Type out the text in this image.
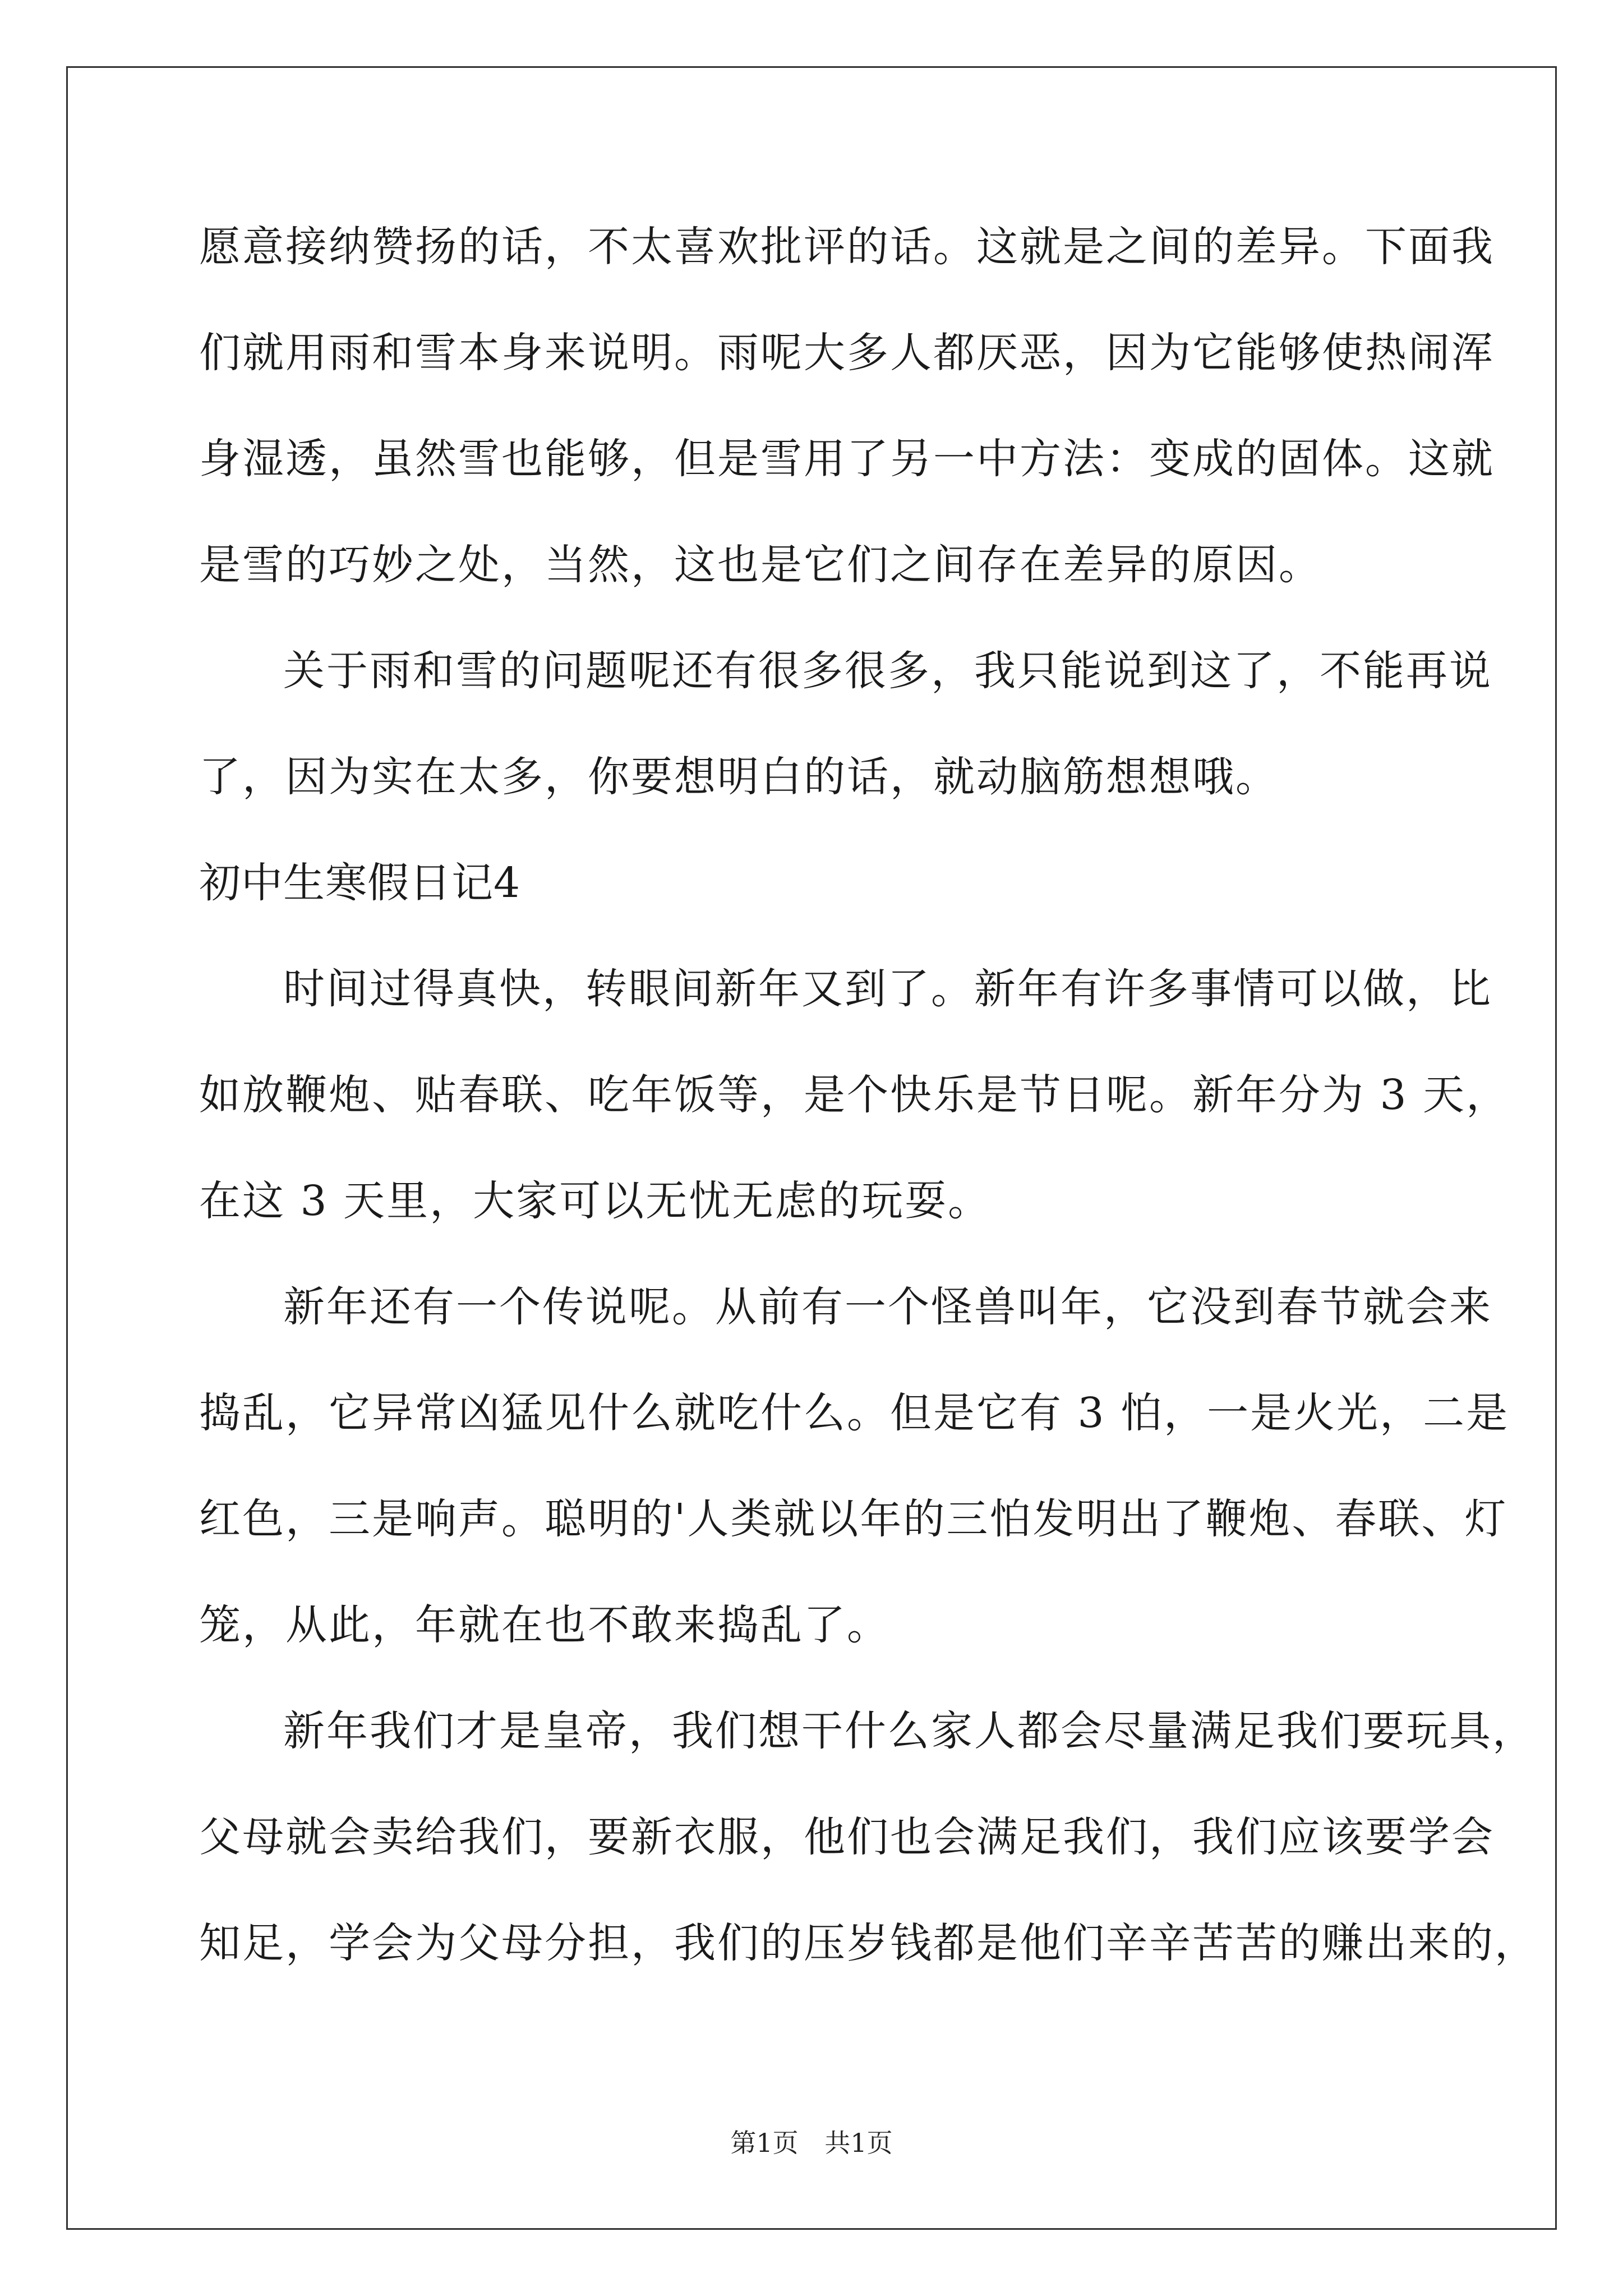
愿意接纳赞扬的话，不太喜欢批评的话。这就是之间的差异。下面我
们就用雨和雪本身来说明。雨呢大多人都厌恶，因为它能够使热闹浑
身湿透，虽然雪也能够，但是雪用了另一中方法：变成的固体。这就
是雪的巧妙之处，当然，这也是它们之间存在差异的原因。
关于雨和雪的问题呢还有很多很多，我只能说到这了，不能再说
了，因为实在太多，你要想明白的话，就动脑筋想想哦。
初中生寒假日记4
时间过得真快，转眼间新年又到了。新年有许多事情可以做，比
如放鞭炮、贴春联、吃年饭等，是个快乐是节日呢。新年分为 3 天，
在这 3 天里，大家可以无忧无虑的玩耍。
新年还有一个传说呢。从前有一个怪兽叫年，它没到春节就会来
捣乱，它异常凶猛见什么就吃什么。但是它有 3 怕，一是火光，二是
红色，三是响声。聪明的'人类就以年的三怕发明出了鞭炮、春联、灯
笼，从此，年就在也不敢来捣乱了。
新年我们才是皇帝，我们想干什么家人都会尽量满足我们要玩具，
父母就会卖给我们，要新衣服，他们也会满足我们，我们应该要学会
知足，学会为父母分担，我们的压岁钱都是他们辛辛苦苦的赚出来的，
第1页 共1页
